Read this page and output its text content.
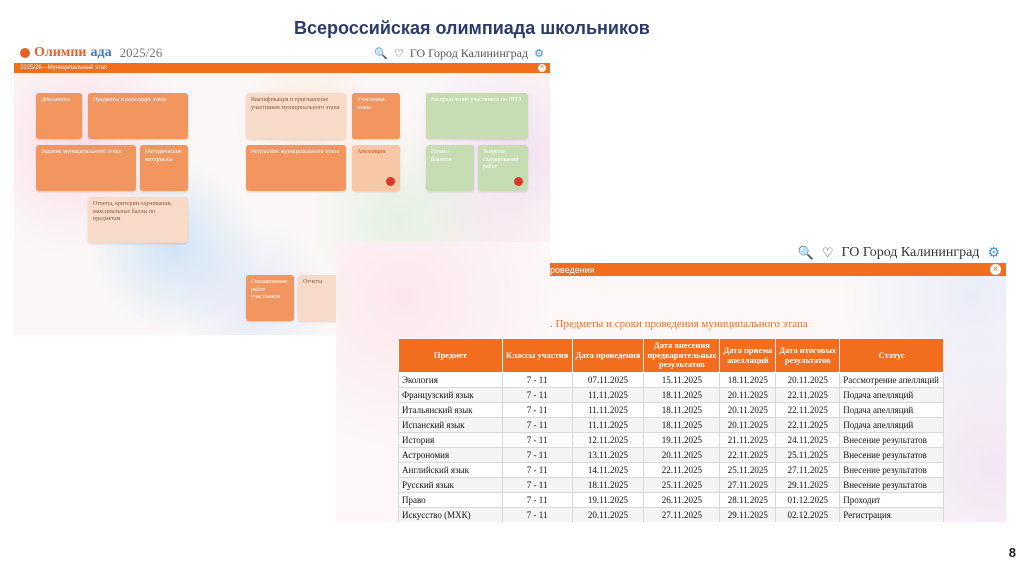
Всероссийская олимпиада школьников
Олимпи ада 2025/26	🔍 ♡ ГО Город Калининград ⚙
2025/26—Муниципальный этап	×
Документы	Предметы и календарь этапа
Задания муниципального этапа	Методические материалы
Ответы, критерии оценивания, максимальные баллы по предметам
Квалификация и приглашение участников муниципального этапа
Участники этапа
Результаты муниципального этапа	Апелляции
Распределение участников по ППЭ
Печать бланков
Запросы сканирований работ
Сканирование работ участников
Отчеты
🔍 ♡ ГО Город Калининград ⚙
роведения	×
. Предметы и сроки проведения муниципального этапа
Предмет	Классы участия	Дата проведения	Дата внесения предварительных результатов	Дата приема апелляций	Дата итоговых результатов	Статус
Экология	7 - 11	07.11.2025	15.11.2025	18.11.2025	20.11.2025	Рассмотрение апелляций
Французский язык	7 - 11	11.11.2025	18.11.2025	20.11.2025	22.11.2025	Подача апелляций
Итальянский язык	7 - 11	11.11.2025	18.11.2025	20.11.2025	22.11.2025	Подача апелляций
Испанский язык	7 - 11	11.11.2025	18.11.2025	20.11.2025	22.11.2025	Подача апелляций
История	7 - 11	12.11.2025	19.11.2025	21.11.2025	24.11.2025	Внесение результатов
Астрономия	7 - 11	13.11.2025	20.11.2025	22.11.2025	25.11.2025	Внесение результатов
Английский язык	7 - 11	14.11.2025	22.11.2025	25.11.2025	27.11.2025	Внесение результатов
Русский язык	7 - 11	18.11.2025	25.11.2025	27.11.2025	29.11.2025	Внесение результатов
Право	7 - 11	19.11.2025	26.11.2025	28.11.2025	01.12.2025	Проходит
Искусство (МХК)	7 - 11	20.11.2025	27.11.2025	29.11.2025	02.12.2025	Регистрация
8
